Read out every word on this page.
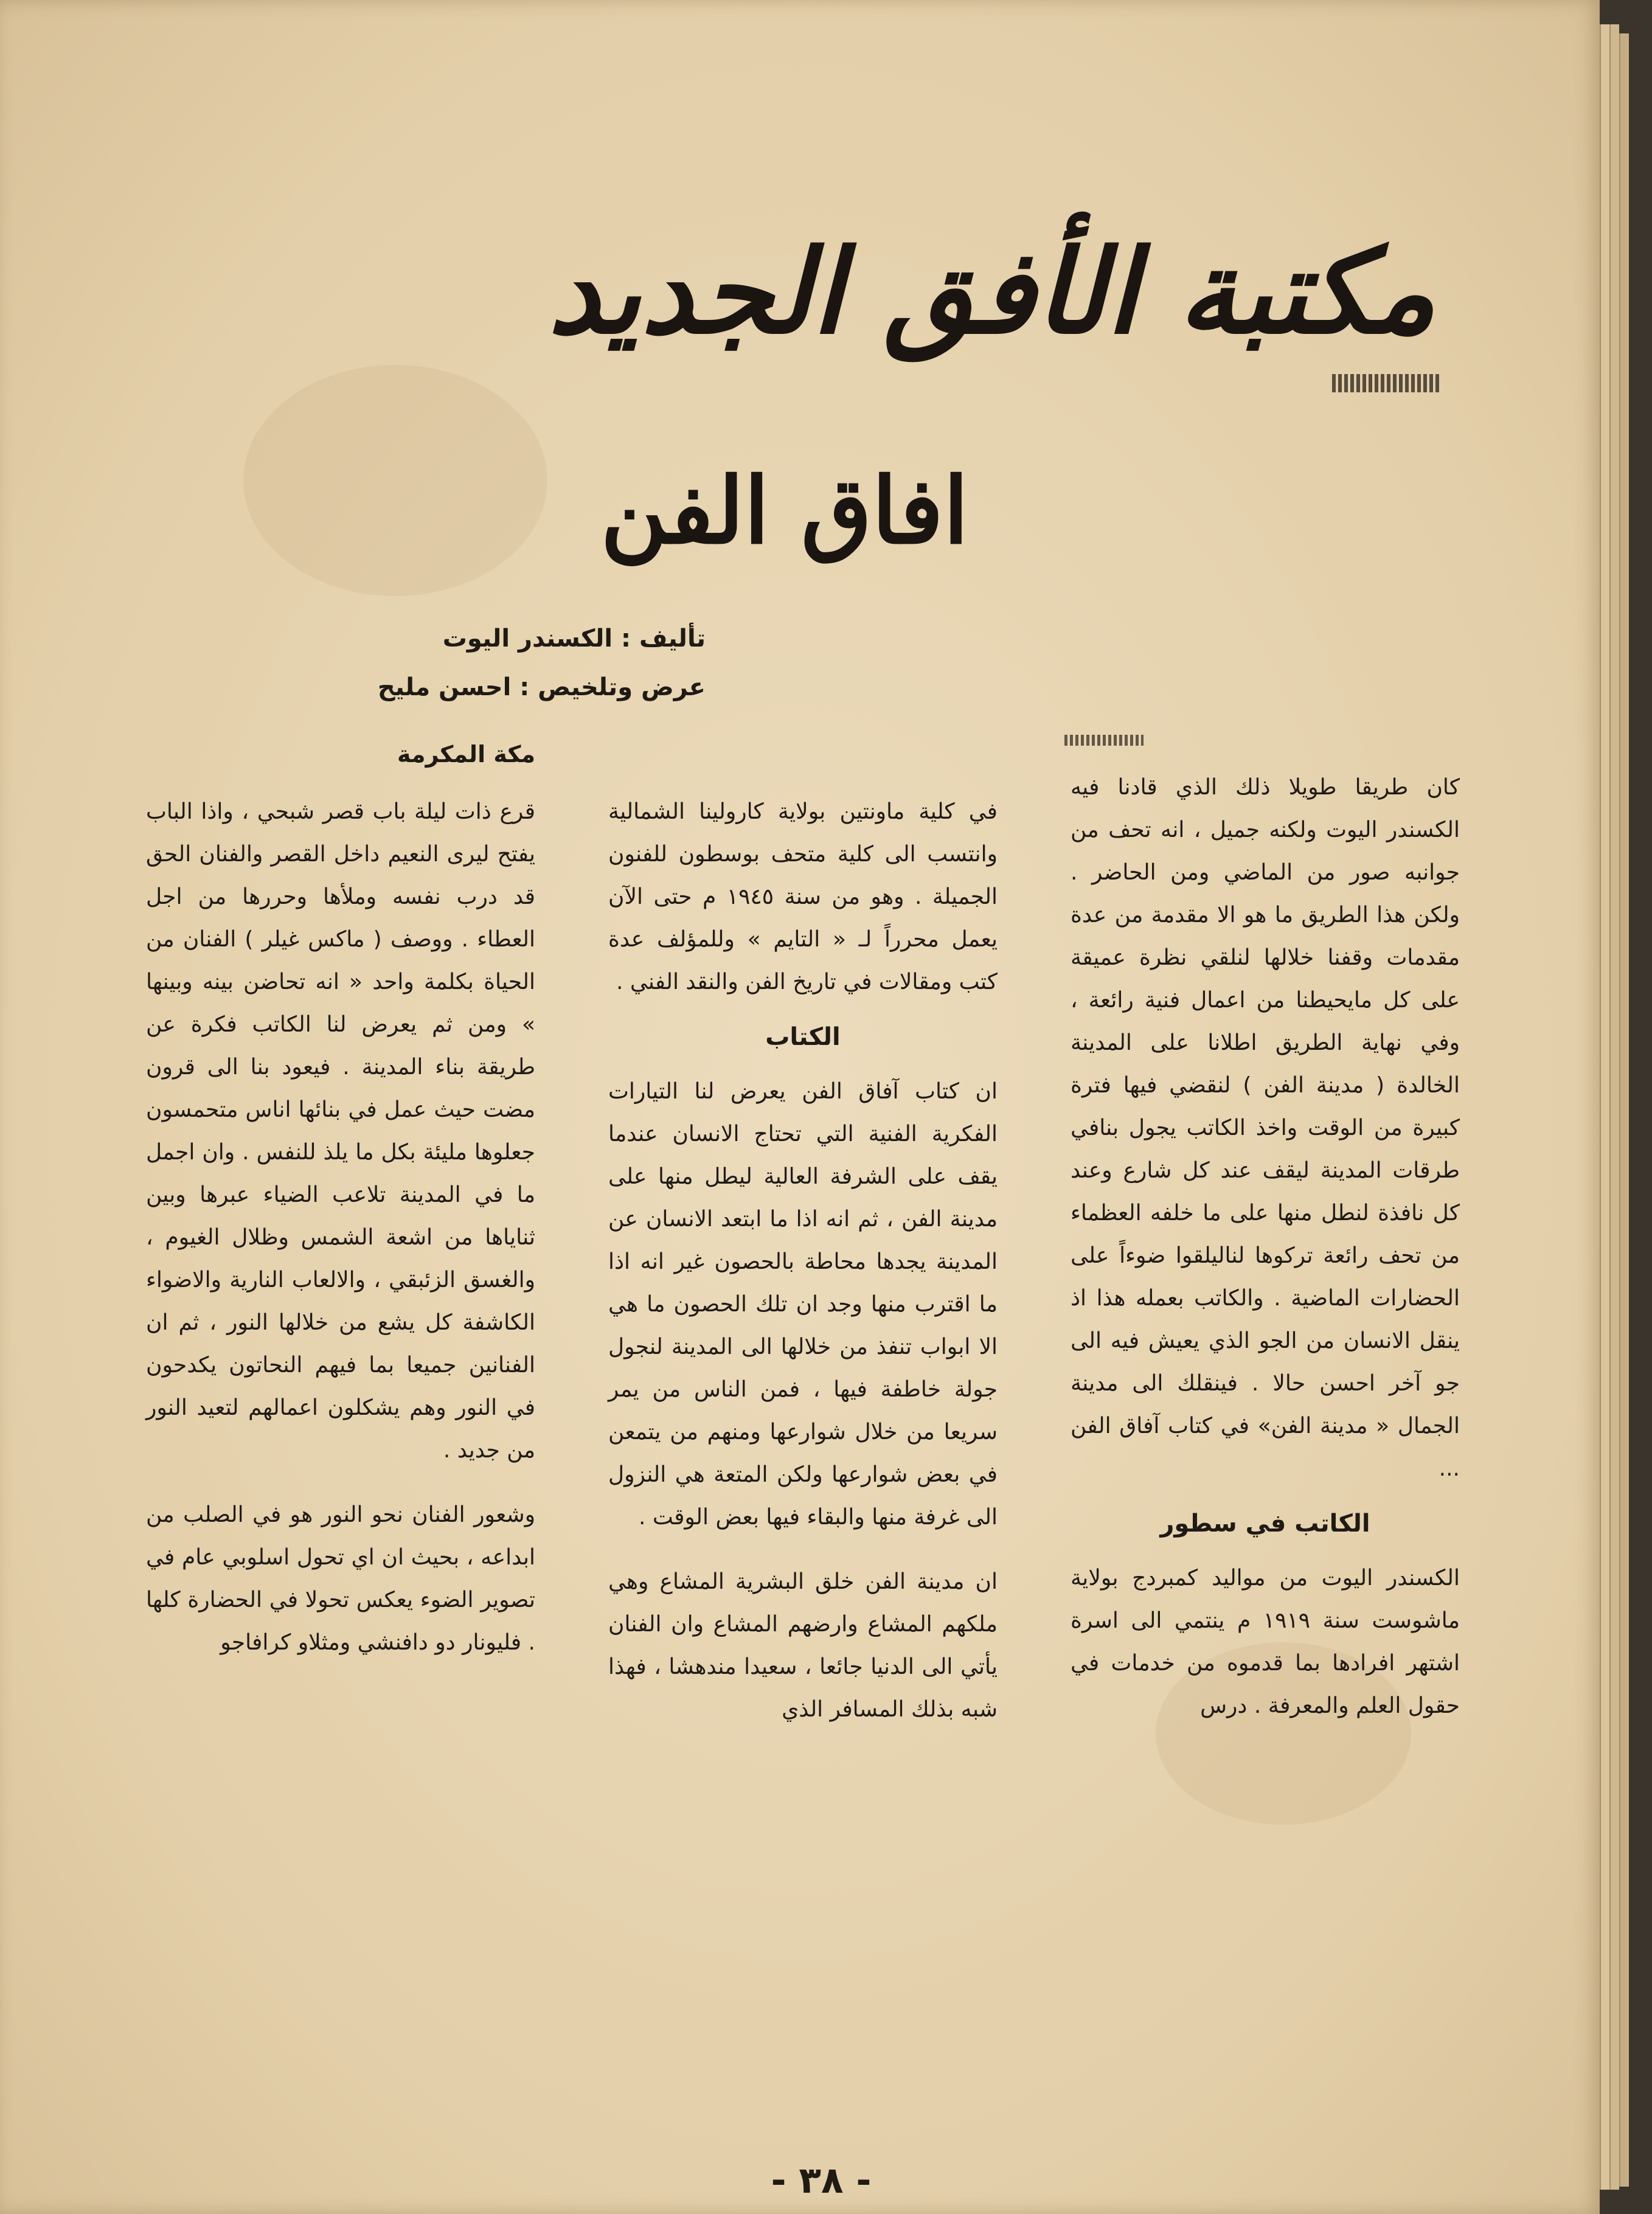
مكتبة الأفق الجديد
افاق الفن
تأليف : الكسندر اليوت
عرض وتلخيص : احسن مليح
مكة المكرمة

كان طريقا طويلا ذلك الذي قادنا فيه الكسندر اليوت ولكنه جميل ، انه تحف من جوانبه صور من الماضي ومن الحاضر . ولكن هذا الطريق ما هو الا مقدمة من عدة مقدمات وقفنا خلالها لنلقي نظرة عميقة على كل مايحيطنا من اعمال فنية رائعة ، وفي نهاية الطريق اطلانا على المدينة الخالدة ( مدينة الفن ) لنقضي فيها فترة كبيرة من الوقت واخذ الكاتب يجول بنافي طرقات المدينة ليقف عند كل شارع وعند كل نافذة لنطل منها على ما خلفه العظماء من تحف رائعة تركوها لناليلقوا ضوءاً على الحضارات الماضية . والكاتب بعمله هذا اذ ينقل الانسان من الجو الذي يعيش فيه الى جو آخر احسن حالا . فينقلك الى مدينة الجمال « مدينة الفن» في كتاب آفاق الفن ...

الكاتب في سطور

الكسندر اليوت من مواليد كمبردج بولاية ماشوست سنة ١٩١٩ م ينتمي الى اسرة اشتهر افرادها بما قدموه من خدمات في حقول العلم والمعرفة . درس

في كلية ماونتين بولاية كارولينا الشمالية وانتسب الى كلية متحف بوسطون للفنون الجميلة . وهو من سنة ١٩٤٥ م حتى الآن يعمل محرراً لـ « التايم » وللمؤلف عدة كتب ومقالات في تاريخ الفن والنقد الفني .

الكتاب

ان كتاب آفاق الفن يعرض لنا التيارات الفكرية الفنية التي تحتاج الانسان عندما يقف على الشرفة العالية ليطل منها على مدينة الفن ، ثم انه اذا ما ابتعد الانسان عن المدينة يجدها محاطة بالحصون غير انه اذا ما اقترب منها وجد ان تلك الحصون ما هي الا ابواب تنفذ من خلالها الى المدينة لنجول جولة خاطفة فيها ، فمن الناس من يمر سريعا من خلال شوارعها ومنهم من يتمعن في بعض شوارعها ولكن المتعة هي النزول الى غرفة منها والبقاء فيها بعض الوقت .

ان مدينة الفن خلق البشرية المشاع وهي ملكهم المشاع وارضهم المشاع وان الفنان يأتي الى الدنيا جائعا ، سعيدا مندهشا ، فهذا شبه بذلك المسافر الذي

قرع ذات ليلة باب قصر شبحي ، واذا الباب يفتح ليرى النعيم داخل القصر والفنان الحق قد درب نفسه وملأها وحررها من اجل العطاء . ووصف ( ماكس غيلر ) الفنان من الحياة بكلمة واحد « انه تحاضن بينه وبينها » ومن ثم يعرض لنا الكاتب فكرة عن طريقة بناء المدينة . فيعود بنا الى قرون مضت حيث عمل في بنائها اناس متحمسون جعلوها مليئة بكل ما يلذ للنفس . وان اجمل ما في المدينة تلاعب الضياء عبرها وبين ثناياها من اشعة الشمس وظلال الغيوم ، والغسق الزئبقي ، والالعاب النارية والاضواء الكاشفة كل يشع من خلالها النور ، ثم ان الفنانين جميعا بما فيهم النحاتون يكدحون في النور وهم يشكلون اعمالهم لتعيد النور من جديد .

وشعور الفنان نحو النور هو في الصلب من ابداعه ، بحيث ان اي تحول اسلوبي عام في تصوير الضوء يعكس تحولا في الحضارة كلها . فليونار دو دافنشي ومثلاو كرافاجو

- ٣٨ -
